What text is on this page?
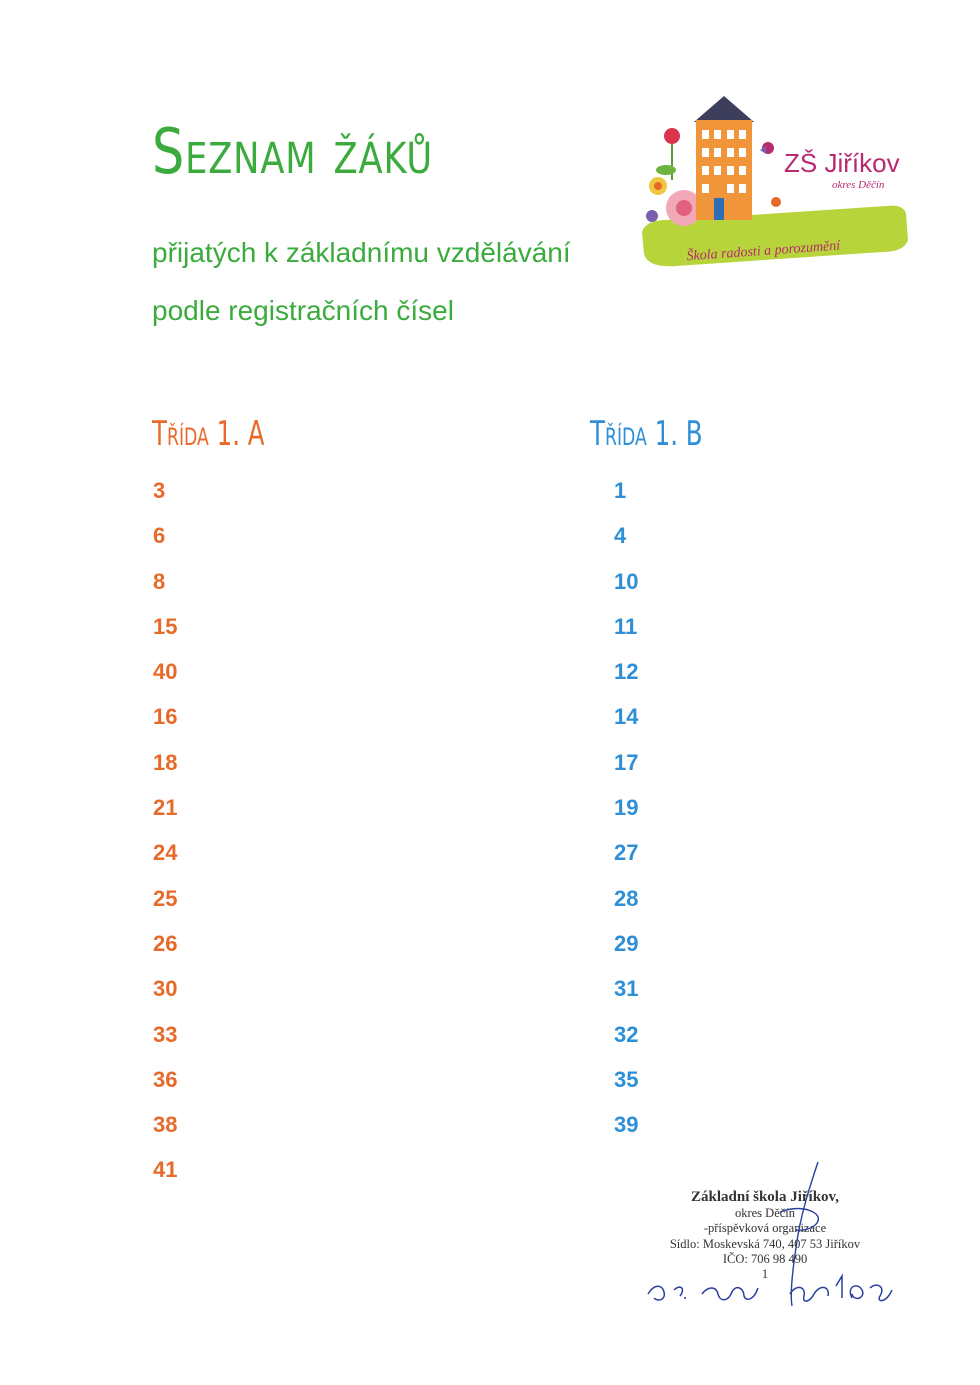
Seznam žáků

přijatých k základnímu vzdělávání

podle registračních čísel

ZŠ Jiříkov
okres Děčín
Škola radosti a porozumění
Třída 1. A	Třída 1. B
3
6
8
15
40
16
18
21
24
25
26
30
33
36
38
41
1
4
10
11
12
14
17
19
27
28
29
31
32
35
39

Základní škola Jiříkov,

okres Děčín

-příspěvková organizace

Sídlo: Moskevská 740, 407 53 Jiříkov

IČO: 706 98 490

1

šk. rok 2018/2019
